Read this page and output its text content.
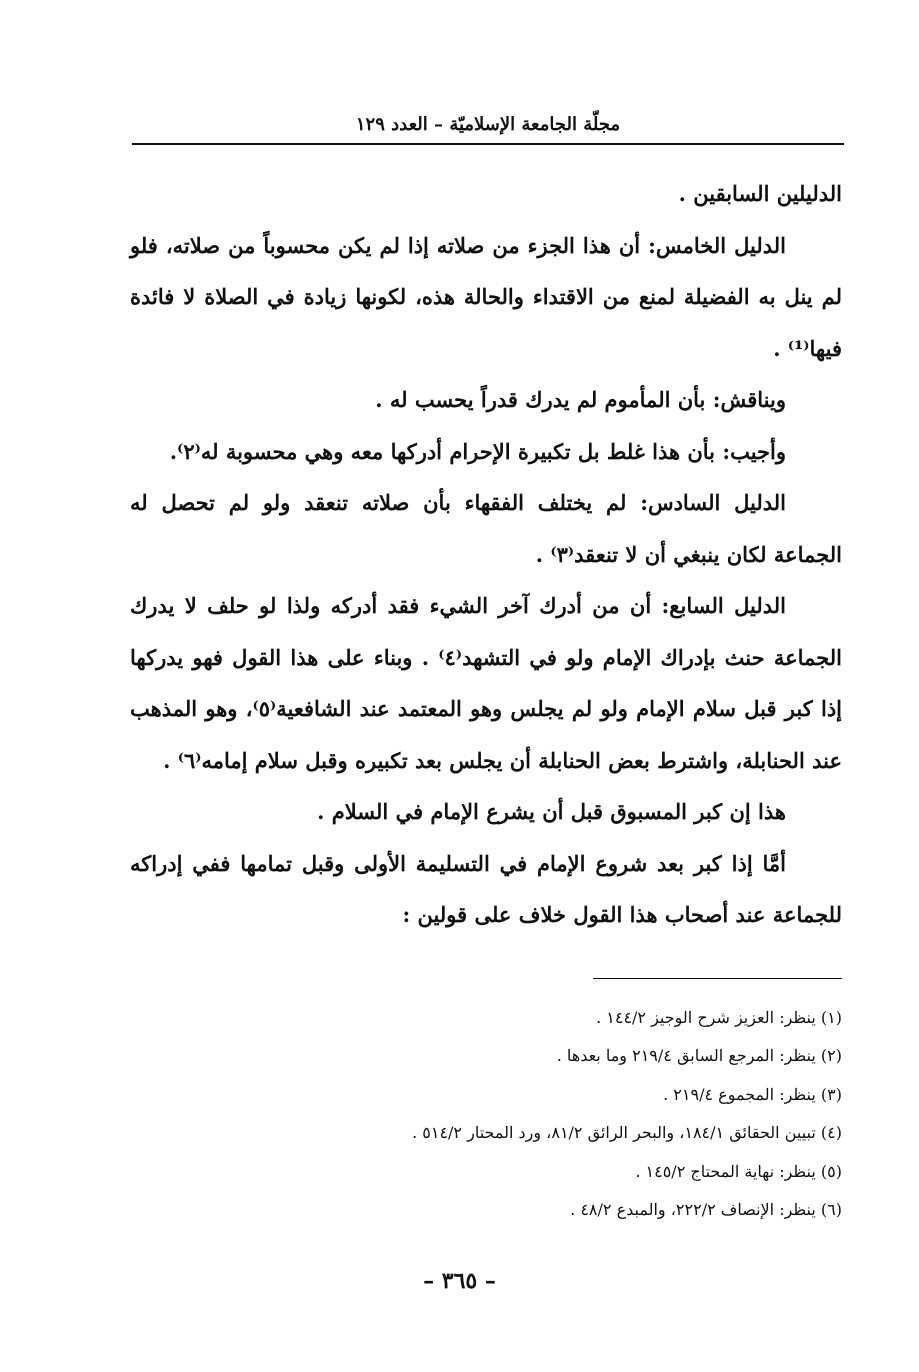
مجلّة الجامعة الإسلاميّة – العدد ١٢٩

الدليلين السابقين .

الدليل الخامس: أن هذا الجزء من صلاته إذا لم يكن محسوباً من صلاته، فلو لم ينل به الفضيلة لمنع من الاقتداء والحالة هذه، لكونها زيادة في الصلاة لا فائدة فيها⁽¹⁾ .

ويناقش: بأن المأموم لم يدرك قدراً يحسب له .

وأجيب: بأن هذا غلط بل تكبيرة الإحرام أدركها معه وهي محسوبة له⁽٢⁾.

الدليل السادس: لم يختلف الفقهاء بأن صلاته تنعقد ولو لم تحصل له الجماعة لكان ينبغي أن لا تنعقد⁽٣⁾ .

الدليل السابع: أن من أدرك آخر الشيء فقد أدركه ولذا لو حلف لا يدرك الجماعة حنث بإدراك الإمام ولو في التشهد⁽٤⁾ . وبناء على هذا القول فهو يدركها إذا كبر قبل سلام الإمام ولو لم يجلس وهو المعتمد عند الشافعية⁽٥⁾، وهو المذهب عند الحنابلة، واشترط بعض الحنابلة أن يجلس بعد تكبيره وقبل سلام إمامه⁽٦⁾ .

هذا إن كبر المسبوق قبل أن يشرع الإمام في السلام .

أمَّا إذا كبر بعد شروع الإمام في التسليمة الأولى وقبل تمامها ففي إدراكه للجماعة عند أصحاب هذا القول خلاف على قولين :

(١) ينظر: العزيز شرح الوجيز ١٤٤/٢ .
(٢) ينظر: المرجع السابق ٢١٩/٤ وما بعدها .
(٣) ينظر: المجموع ٢١٩/٤ .
(٤) تبيين الحقائق ١٨٤/١، والبحر الرائق ٨١/٢، ورد المحتار ٥١٤/٢ .
(٥) ينظر: نهاية المحتاج ١٤٥/٢ .
(٦) ينظر: الإنصاف ٢٢٢/٢، والمبدع ٤٨/٢ .
– ٣٦٥ –
